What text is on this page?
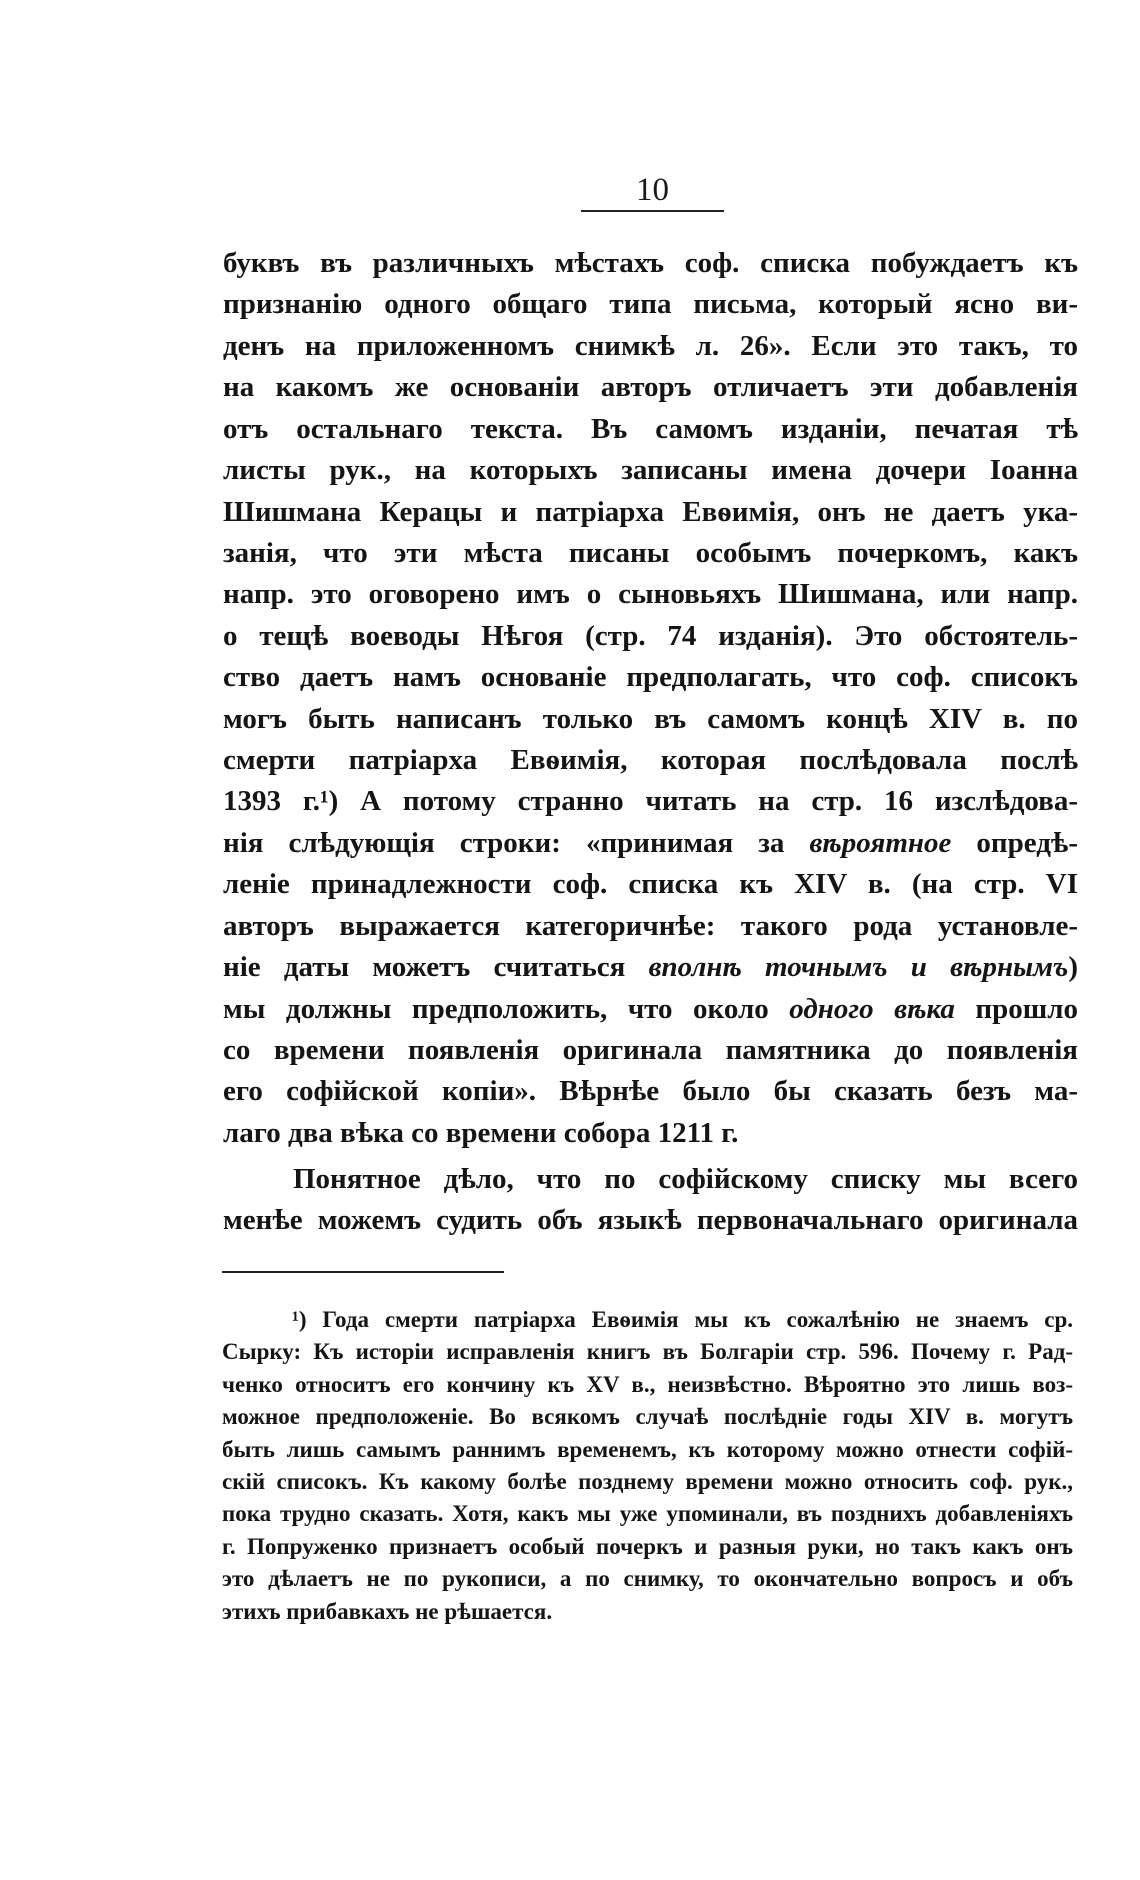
10
буквъ въ различныхъ мѣстахъ соф. списка побуждаетъ къ
признанію одного общаго типа письма, который ясно ви-
денъ на приложенномъ снимкѣ л. 26». Если это такъ, то
на какомъ же основаніи авторъ отличаетъ эти добавленія
отъ остальнаго текста. Въ самомъ изданіи, печатая тѣ
листы рук., на которыхъ записаны имена дочери Іоанна
Шишмана Керацы и патріарха Евѳимія, онъ не даетъ ука-
занія, что эти мѣста писаны особымъ почеркомъ, какъ
напр. это оговорено имъ о сыновьяхъ Шишмана, или напр.
о тещѣ воеводы Нѣгоя (стр. 74 изданія). Это обстоятель-
ство даетъ намъ основаніе предполагать, что соф. списокъ
могъ быть написанъ только въ самомъ концѣ XIV в. по
смерти патріарха Евѳимія, которая послѣдовала послѣ
1393 г.¹) А потому странно читать на стр. 16 изслѣдова-
нія слѣдующія строки: «принимая за вѣроятное опредѣ-
леніе принадлежности соф. списка къ XIV в. (на стр. VI
авторъ выражается категоричнѣе: такого рода установле-
ніе даты можетъ считаться вполнѣ точнымъ и вѣрнымъ)
мы должны предположить, что около одного вѣка прошло
со времени появленія оригинала памятника до появленія
его софійской копіи». Вѣрнѣе было бы сказать безъ ма-
лаго два вѣка со времени собора 1211 г.
Понятное дѣло, что по софійскому списку мы всего
менѣе можемъ судить объ языкѣ первоначальнаго оригинала
¹) Года смерти патріарха Евѳимія мы къ сожалѣнію не знаемъ ср.
Сырку: Къ исторіи исправленія книгъ въ Болгаріи стр. 596. Почему г. Рад-
ченко относитъ его кончину къ XV в., неизвѣстно. Вѣроятно это лишь воз-
можное предположеніе. Во всякомъ случаѣ послѣдніе годы XIV в. могутъ
быть лишь самымъ раннимъ временемъ, къ которому можно отнести софій-
скій списокъ. Къ какому болѣе позднему времени можно относить соф. рук.,
пока трудно сказать. Хотя, какъ мы уже упоминали, въ позднихъ добавленіяхъ
г. Попруженко признаетъ особый почеркъ и разныя руки, но такъ какъ онъ
это дѣлаетъ не по рукописи, а по снимку, то окончательно вопросъ и объ
этихъ прибавкахъ не рѣшается.
